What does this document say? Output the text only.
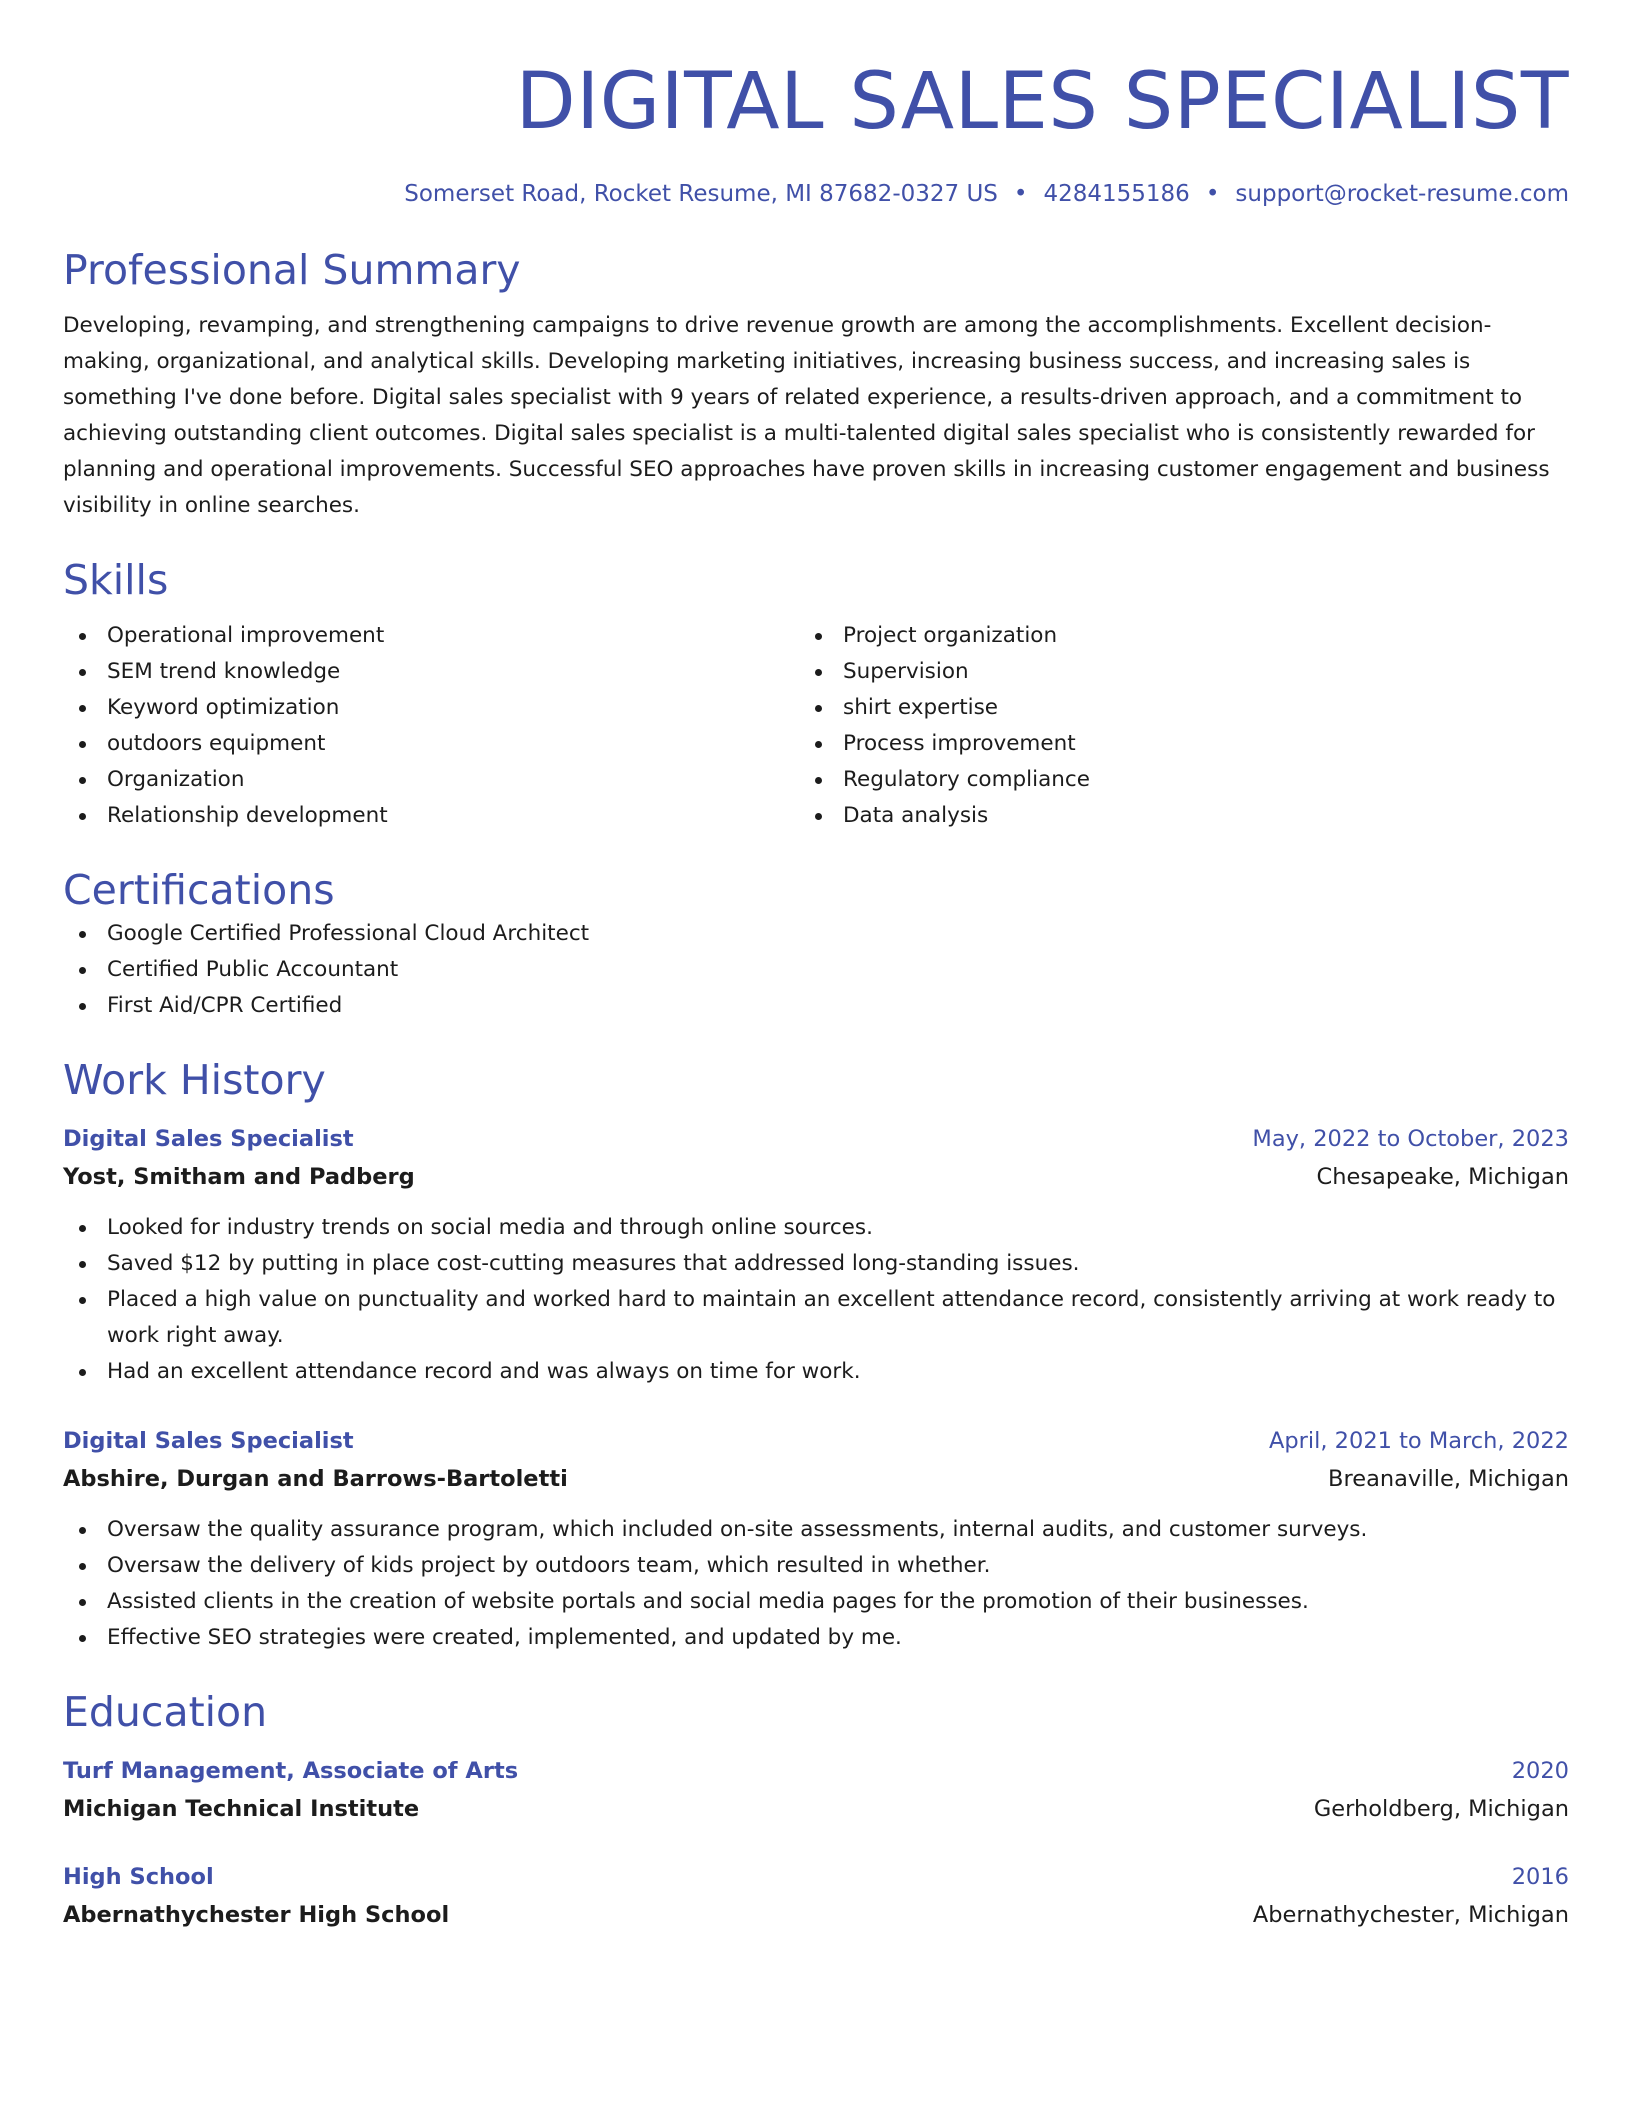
DIGITAL SALES SPECIALIST
Somerset Road, Rocket Resume, MI 87682-0327 US • 4284155186 • support@rocket-resume.com
Professional Summary

Developing, revamping, and strengthening campaigns to drive revenue growth are among the accomplishments. Excellent decision-making, organizational, and analytical skills. Developing marketing initiatives, increasing business success, and increasing sales is something I've done before. Digital sales specialist with 9 years of related experience, a results-driven approach, and a commitment to achieving outstanding client outcomes. Digital sales specialist is a multi-talented digital sales specialist who is consistently rewarded for planning and operational improvements. Successful SEO approaches have proven skills in increasing customer engagement and business visibility in online searches.

Skills
Operational improvement
SEM trend knowledge
Keyword optimization
outdoors equipment
Organization
Relationship development
Project organization
Supervision
shirt expertise
Process improvement
Regulatory compliance
Data analysis
Certifications
Google Certified Professional Cloud Architect
Certified Public Accountant
First Aid/CPR Certified
Work History
Digital Sales Specialist	May, 2022 to October, 2023
Yost, Smitham and Padberg	Chesapeake, Michigan
Looked for industry trends on social media and through online sources.
Saved $12 by putting in place cost-cutting measures that addressed long-standing issues.
Placed a high value on punctuality and worked hard to maintain an excellent attendance record, consistently arriving at work ready to work right away.
Had an excellent attendance record and was always on time for work.
Digital Sales Specialist	April, 2021 to March, 2022
Abshire, Durgan and Barrows-Bartoletti	Breanaville, Michigan
Oversaw the quality assurance program, which included on-site assessments, internal audits, and customer surveys.
Oversaw the delivery of kids project by outdoors team, which resulted in whether.
Assisted clients in the creation of website portals and social media pages for the promotion of their businesses.
Effective SEO strategies were created, implemented, and updated by me.
Education
Turf Management, Associate of Arts	2020
Michigan Technical Institute	Gerholdberg, Michigan
High School	2016
Abernathychester High School	Abernathychester, Michigan
